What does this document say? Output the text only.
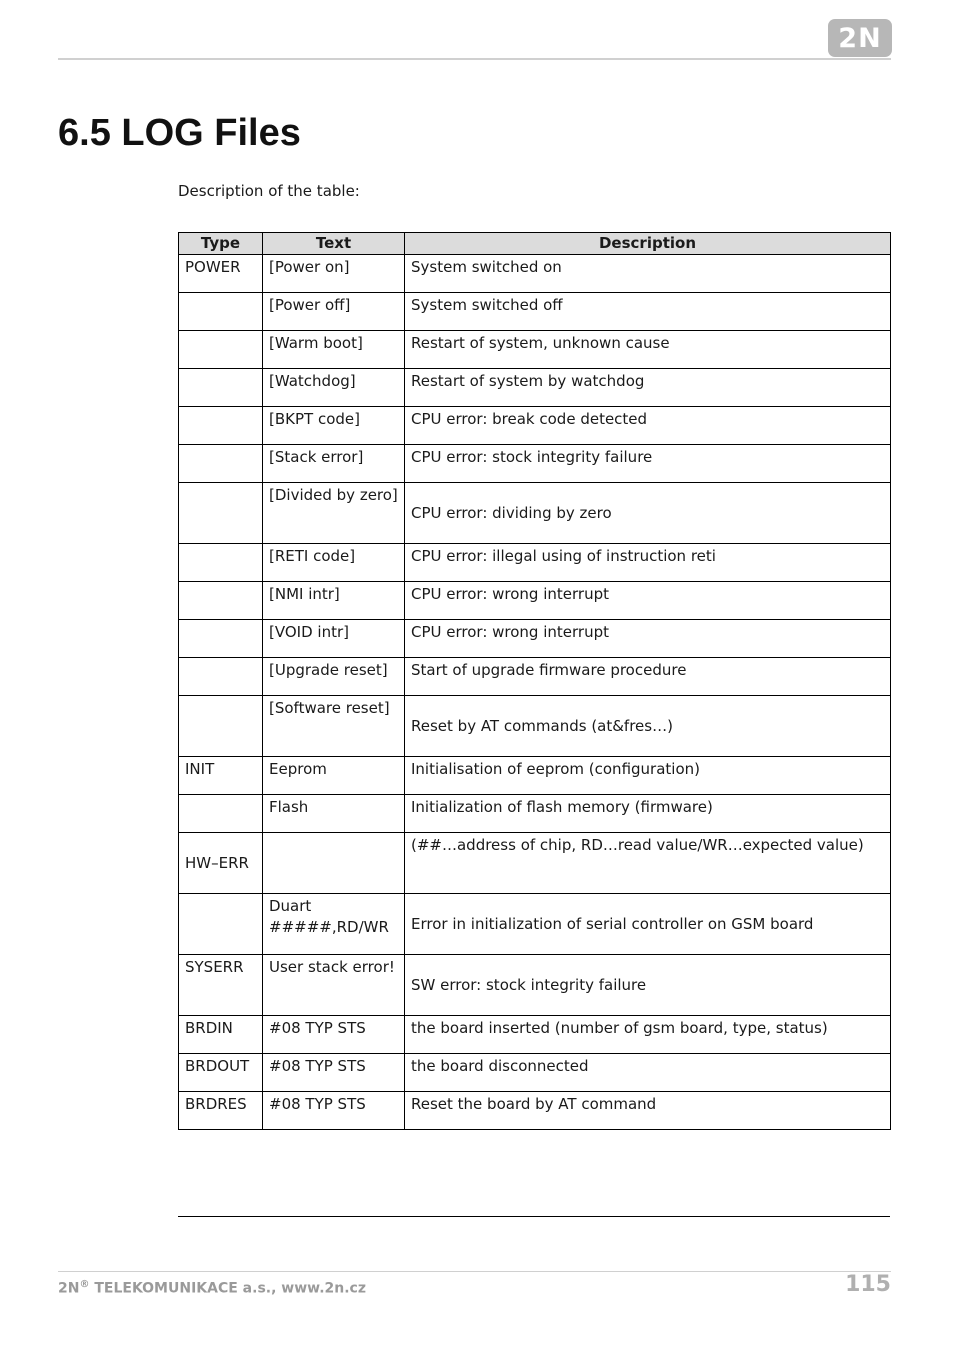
2N
6.5 LOG Files

Description of the table:

Type	Text	Description
POWER	[Power on]	System switched on
	[Power off]	System switched off
	[Warm boot]	Restart of system, unknown cause
	[Watchdog]	Restart of system by watchdog
	[BKPT code]	CPU error: break code detected
	[Stack error]	CPU error: stock integrity failure
	[Divided by zero]	CPU error: dividing by zero
	[RETI code]	CPU error: illegal using of instruction reti
	[NMI intr]	CPU error: wrong interrupt
	[VOID intr]	CPU error: wrong interrupt
	[Upgrade reset]	Start of upgrade firmware procedure
	[Software reset]	Reset by AT commands (at&fres…)
INIT	Eeprom	Initialisation of eeprom (configuration)
	Flash	Initialization of flash memory (firmware)
HW–ERR		(##…address of chip, RD…read value/WR…expected value)
	Duart #####,RD/WR	Error in initialization of serial controller on GSM board
SYSERR	User stack error!	SW error: stock integrity failure
BRDIN	#08 TYP STS	the board inserted (number of gsm board, type, status)
BRDOUT	#08 TYP STS	the board disconnected
BRDRES	#08 TYP STS	Reset the board by AT command
2N® TELEKOMUNIKACE a.s., www.2n.cz	115
